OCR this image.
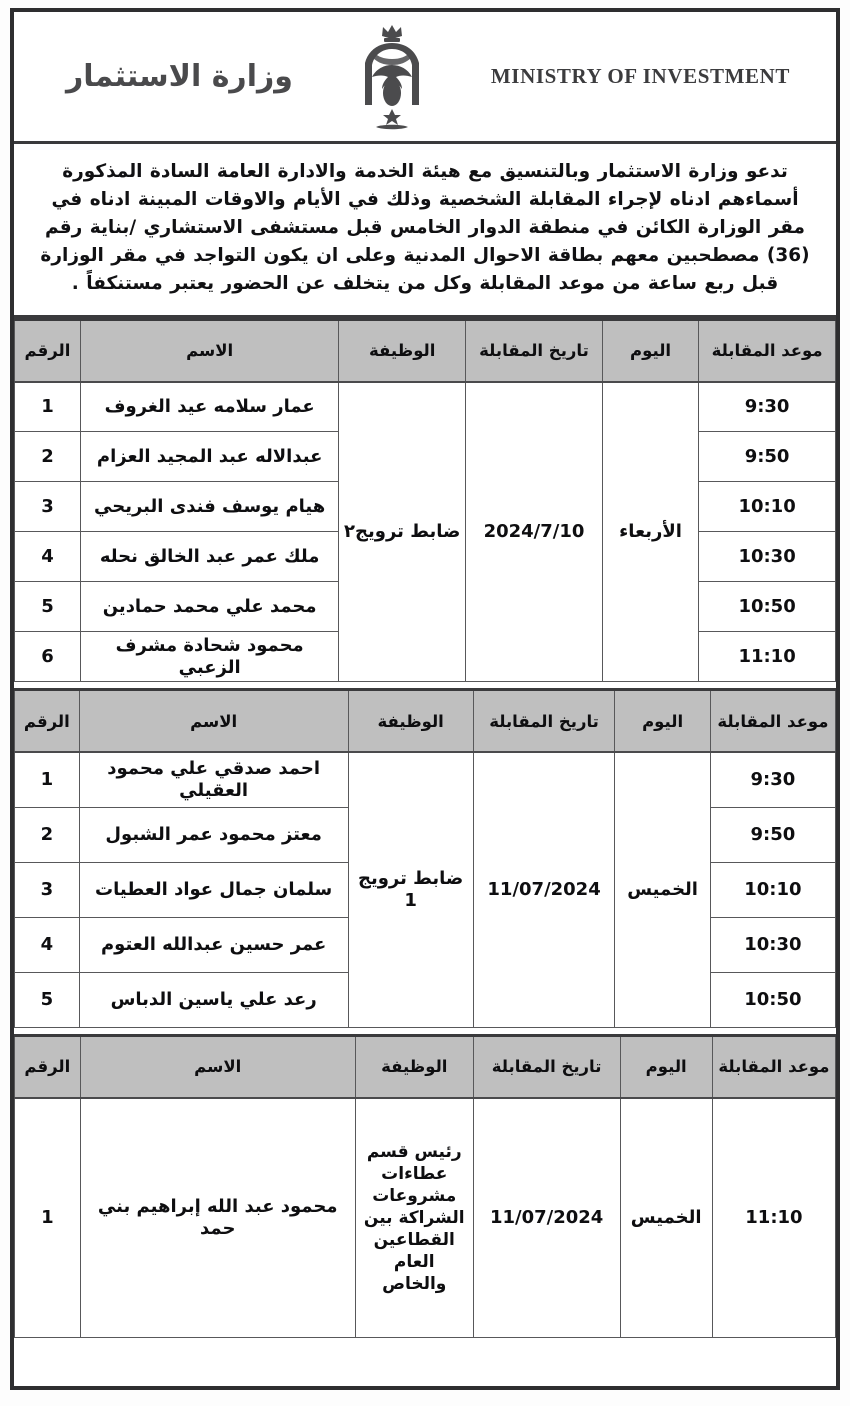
MINISTRY OF INVESTMENT
وزارة الاستثمار

تدعو وزارة الاستثمار وبالتنسيق مع هيئة الخدمة والادارة العامة السادة المذكورة أسماءهم ادناه لإجراء المقابلة الشخصية وذلك في الأيام والاوقات المبينة ادناه في مقر الوزارة الكائن في منطقة الدوار الخامس قبل مستشفى الاستشاري /بناية رقم (36) مصطحبين معهم بطاقة الاحوال المدنية وعلى ان يكون التواجد في مقر الوزارة قبل ربع ساعة من موعد المقابلة وكل من يتخلف عن الحضور يعتبر مستنكفاً .

موعد المقابلة	اليوم	تاريخ المقابلة	الوظيفة	الاسم	الرقم
9:30	الأربعاء	2024/7/10	ضابط ترويج٢	عمار سلامه عيد الغروف	1
9:50				عبدالاله عبد المجيد العزام	2
10:10				هيام يوسف فندى البريحي	3
10:30				ملك عمر عبد الخالق نحله	4
10:50				محمد علي محمد حمادين	5
11:10				محمود شحادة مشرف الزعبي	6
موعد المقابلة	اليوم	تاريخ المقابلة	الوظيفة	الاسم	الرقم
9:30	الخميس	11/07/2024	ضابط ترويج 1	احمد صدقي علي محمود العقيلي	1
9:50				معتز محمود عمر الشبول	2
10:10				سلمان جمال عواد العطيات	3
10:30				عمر حسين عبدالله العتوم	4
10:50				رعد علي ياسين الدباس	5
موعد المقابلة	اليوم	تاريخ المقابلة	الوظيفة	الاسم	الرقم
11:10	الخميس	11/07/2024	رئيس قسم عطاءات مشروعات الشراكة بين القطاعين العام والخاص	محمود عبد الله إبراهيم بني حمد	1
